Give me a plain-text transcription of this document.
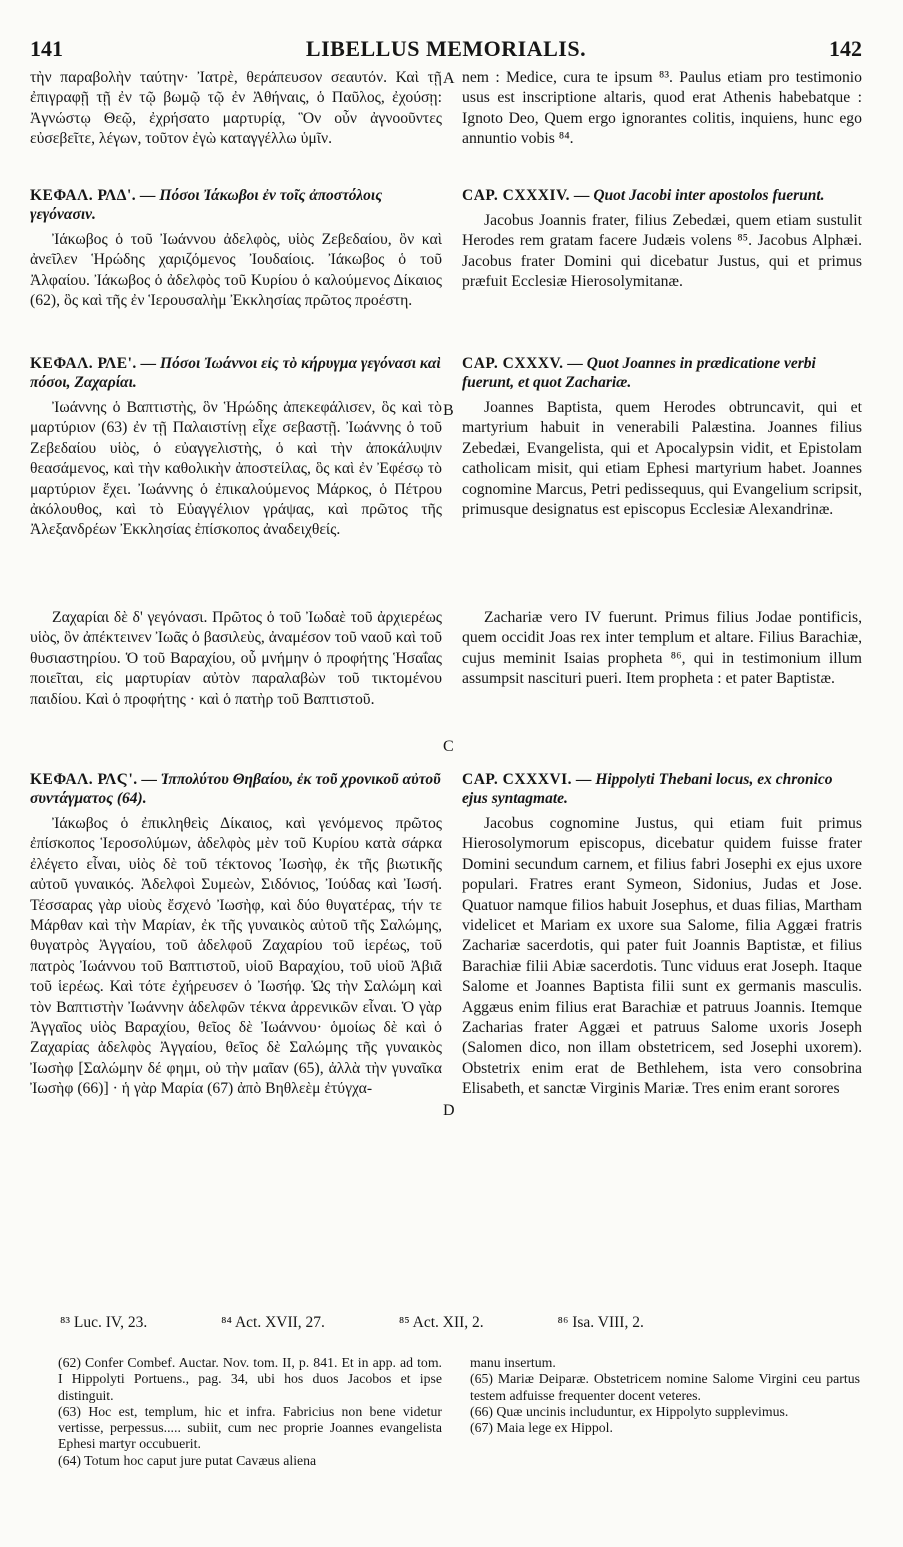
141	LIBELLUS MEMORIALIS.	142

τὴν παραβολὴν ταύτην· Ἰατρὲ, θεράπευσον σεαυτόν. Καὶ τῇ ἐπιγραφῇ τῇ ἐν τῷ βωμῷ τῷ ἐν Ἀθήναις, ὁ Παῦλος, ἐχούσῃ: Ἀγνώστῳ Θεῷ, ἐχρήσατο μαρτυρίᾳ, Ὃν οὖν ἀγνοοῦντες εὐσεβεῖτε, λέγων, τοῦτον ἐγὼ καταγγέλλω ὑμῖν.

ΚΕΦΑΛ. ΡΛΔ'. — Πόσοι Ἰάκωβοι ἐν τοῖς ἀποστόλοις γεγόνασιν.

Ἰάκωβος ὁ τοῦ Ἰωάννου ἀδελφὸς, υἱὸς Ζεβεδαίου, ὃν καὶ ἀνεῖλεν Ἡρώδης χαριζόμενος Ἰουδαίοις. Ἰάκωβος ὁ τοῦ Ἀλφαίου. Ἰάκωβος ὁ ἀδελφὸς τοῦ Κυρίου ὁ καλούμενος Δίκαιος (62), ὃς καὶ τῆς ἐν Ἱερουσαλὴμ Ἐκκλησίας πρῶτος προέστη.

ΚΕΦΑΛ. ΡΛΕ'. — Πόσοι Ἰωάννοι εἰς τὸ κήρυγμα γεγόνασι καὶ πόσοι, Ζαχαρίαι.

Ἰωάννης ὁ Βαπτιστὴς, ὃν Ἡρώδης ἀπεκεφάλισεν, ὃς καὶ τὸ μαρτύριον (63) ἐν τῇ Παλαιστίνῃ εἶχε σεβαστῇ. Ἰωάννης ὁ τοῦ Ζεβεδαίου υἱὸς, ὁ εὐαγγελιστὴς, ὁ καὶ τὴν ἀποκάλυψιν θεασάμενος, καὶ τὴν καθολικὴν ἀποστείλας, ὃς καὶ ἐν Ἐφέσῳ τὸ μαρτύριον ἔχει. Ἰωάννης ὁ ἐπικαλούμενος Μάρκος, ὁ Πέτρου ἀκόλουθος, καὶ τὸ Εὐαγγέλιον γράψας, καὶ πρῶτος τῆς Ἀλεξανδρέων Ἐκκλησίας ἐπίσκοπος ἀναδειχθείς.

Ζαχαρίαι δὲ δ' γεγόνασι. Πρῶτος ὁ τοῦ Ἰωδαὲ τοῦ ἀρχιερέως υἱὸς, ὃν ἀπέκτεινεν Ἰωᾶς ὁ βασιλεὺς, ἀναμέσον τοῦ ναοῦ καὶ τοῦ θυσιαστηρίου. Ὁ τοῦ Βαραχίου, οὗ μνήμην ὁ προφήτης Ἡσαΐας ποιεῖται, εἰς μαρτυρίαν αὐτὸν παραλαβὼν τοῦ τικτομένου παιδίου. Καὶ ὁ προφήτης · καὶ ὁ πατὴρ τοῦ Βαπτιστοῦ.

ΚΕΦΑΛ. ΡΛϚ'. — Ἱππολύτου Θηβαίου, ἐκ τοῦ χρονικοῦ αὐτοῦ συντάγματος (64).

Ἰάκωβος ὁ ἐπικληθεὶς Δίκαιος, καὶ γενόμενος πρῶτος ἐπίσκοπος Ἱεροσολύμων, ἀδελφὸς μὲν τοῦ Κυρίου κατὰ σάρκα ἐλέγετο εἶναι, υἱὸς δὲ τοῦ τέκτονος Ἰωσὴφ, ἐκ τῆς βιωτικῆς αὐτοῦ γυναικός. Ἀδελφοὶ Συμεὼν, Σιδόνιος, Ἰούδας καὶ Ἰωσή. Τέσσαρας γὰρ υἱοὺς ἔσχενὁ Ἰωσὴφ, καὶ δύο θυγατέρας, τήν τε Μάρθαν καὶ τὴν Μαρίαν, ἐκ τῆς γυναικὸς αὐτοῦ τῆς Σαλώμης, θυγατρὸς Ἀγγαίου, τοῦ ἀδελφοῦ Ζαχαρίου τοῦ ἱερέως, τοῦ πατρὸς Ἰωάννου τοῦ Βαπτιστοῦ, υἱοῦ Βαραχίου, τοῦ υἱοῦ Ἀβιᾶ τοῦ ἱερέως. Καὶ τότε ἐχήρευσεν ὁ Ἰωσήφ. Ὡς τὴν Σαλώμη καὶ τὸν Βαπτιστὴν Ἰωάννην ἀδελφῶν τέκνα ἀρρενικῶν εἶναι. Ὁ γὰρ Ἀγγαῖος υἱὸς Βαραχίου, θεῖος δὲ Ἰωάννου· ὁμοίως δὲ καὶ ὁ Ζαχαρίας ἀδελφὸς Ἀγγαίου, θεῖος δὲ Σαλώμης τῆς γυναικὸς Ἰωσὴφ [Σαλώμην δέ φημι, οὐ τὴν μαῖαν (65), ἀλλὰ τὴν γυναῖκα Ἰωσὴφ (66)] · ἡ γὰρ Μαρία (67) ἀπὸ Βηθλεὲμ ἐτύγχα-

A
B
C
D

nem : Medice, cura te ipsum ⁸³. Paulus etiam pro testimonio usus est inscriptione altaris, quod erat Athenis habebatque : Ignoto Deo, Quem ergo ignorantes colitis, inquiens, hunc ego annuntio vobis ⁸⁴.

CAP. CXXXIV. — Quot Jacobi inter apostolos fuerunt.

Jacobus Joannis frater, filius Zebedæi, quem etiam sustulit Herodes rem gratam facere Judæis volens ⁸⁵. Jacobus Alphæi. Jacobus frater Domini qui dicebatur Justus, qui et primus præfuit Ecclesiæ Hierosolymitanæ.

CAP. CXXXV. — Quot Joannes in prædicatione verbi fuerunt, et quot Zachariæ.

Joannes Baptista, quem Herodes obtruncavit, qui et martyrium habuit in venerabili Palæstina. Joannes filius Zebedæi, Evangelista, qui et Apocalypsin vidit, et Epistolam catholicam misit, qui etiam Ephesi martyrium habet. Joannes cognomine Marcus, Petri pedissequus, qui Evangelium scripsit, primusque designatus est episcopus Ecclesiæ Alexandrinæ.

Zachariæ vero IV fuerunt. Primus filius Jodae pontificis, quem occidit Joas rex inter templum et altare. Filius Barachiæ, cujus meminit Isaias propheta ⁸⁶, qui in testimonium illum assumpsit nascituri pueri. Item propheta : et pater Baptistæ.

CAP. CXXXVI. — Hippolyti Thebani locus, ex chronico ejus syntagmate.

Jacobus cognomine Justus, qui etiam fuit primus Hierosolymorum episcopus, dicebatur quidem fuisse frater Domini secundum carnem, et filius fabri Josephi ex ejus uxore populari. Fratres erant Symeon, Sidonius, Judas et Jose. Quatuor namque filios habuit Josephus, et duas filias, Martham videlicet et Mariam ex uxore sua Salome, filia Aggæi fratris Zachariæ sacerdotis, qui pater fuit Joannis Baptistæ, et filius Barachiæ filii Abiæ sacerdotis. Tunc viduus erat Joseph. Itaque Salome et Joannes Baptista filii sunt ex germanis masculis. Aggæus enim filius erat Barachiæ et patruus Joannis. Itemque Zacharias frater Aggæi et patruus Salome uxoris Joseph (Salomen dico, non illam obstetricem, sed Josephi uxorem). Obstetrix enim erat de Bethlehem, ista vero consobrina Elisabeth, et sanctæ Virginis Mariæ. Tres enim erant sorores

⁸³ Luc. IV, 23.	⁸⁴ Act. XVII, 27.	⁸⁵ Act. XII, 2.	⁸⁶ Isa. VIII, 2.

(62) Confer Combef. Auctar. Nov. tom. II, p. 841. Et in app. ad tom. I Hippolyti Portuens., pag. 34, ubi hos duos Jacobos et ipse distinguit.

(63) Hoc est, templum, hic et infra. Fabricius non bene videtur vertisse, perpessus..... subiit, cum nec proprie Joannes evangelista Ephesi martyr occubuerit.

(64) Totum hoc caput jure putat Cavæus aliena

manu insertum.

(65) Mariæ Deiparæ. Obstetricem nomine Salome Virgini ceu partus testem adfuisse frequenter docent veteres.

(66) Quæ uncinis includuntur, ex Hippolyto supplevimus.

(67) Maia lege ex Hippol.
